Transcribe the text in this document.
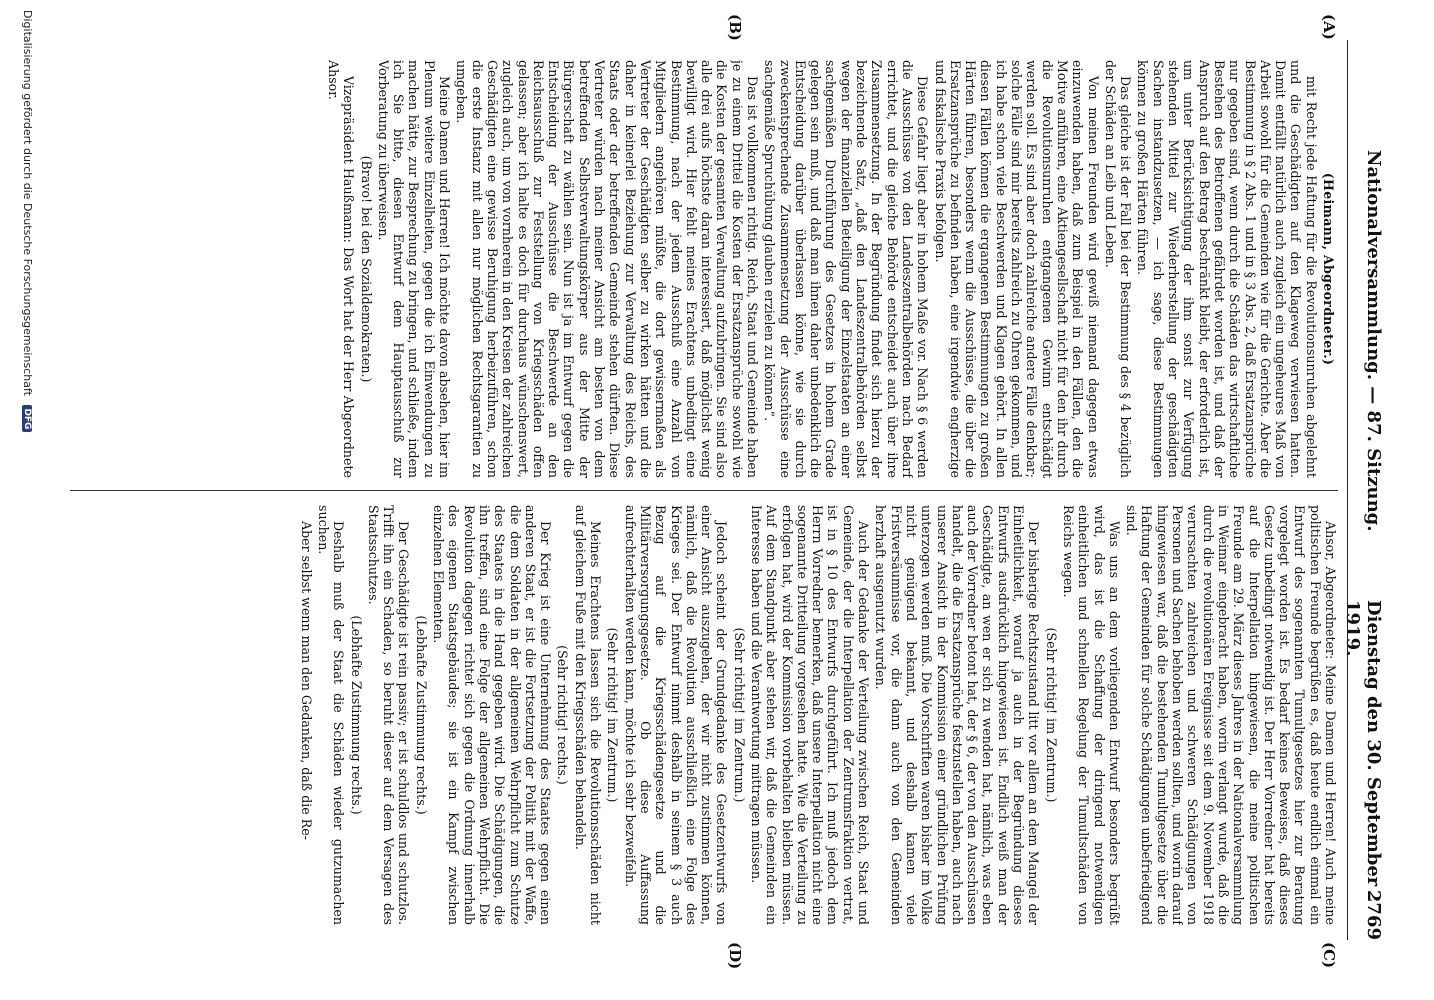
Nationalversammlung. — 87. Sitzung.
Dienstag den 30. September 1919.
2769
(A)
(B)
(C)
(D)

(Heimann, Abgeordneter.)

mit Recht jede Haftung für die Revolutionsunruhen abgelehnt und die Geschädigten auf den Klageweg verwiesen hatten. Damit entfällt natürlich auch zugleich ein ungeheures Maß von Arbeit sowohl für die Gemeinden wie für die Gerichte. Aber die Bestimmung in § 2 Abs. 1 und in § 3 Abs. 2, daß Ersatzansprüche nur gegeben sind, wenn durch die Schäden das wirtschaftliche Bestehen des Betroffenen gefährdet worden ist, und daß der Anspruch auf den Betrag beschränkt bleibt, der erforderlich ist, um unter Berücksichtigung der ihm sonst zur Verfügung stehenden Mittel zur Wiederherstellung der geschädigten Sachen instandzusetzen, — ich sage, diese Bestimmungen können zu großen Härten führen.

Das gleiche ist der Fall bei der Bestimmung des § 4 bezüglich der Schäden an Leib und Leben.

Von meinen Freunden wird gewiß niemand dagegen etwas einzuwenden haben, daß zum Beispiel in den Fällen, den die Motive anführen, eine Aktiengesellschaft nicht für den ihr durch die Revolutionsunruhen entgangenen Gewinn entschädigt werden soll. Es sind aber doch zahlreiche andere Fälle denkbar; solche Fälle sind mir bereits zahlreich zu Ohren gekommen, und ich habe schon viele Beschwerden und Klagen gehört. In allen diesen Fällen können die ergangenen Bestimmungen zu großen Härten führen, besonders wenn die Ausschüsse, die über die Ersatzansprüche zu befinden haben, eine irgendwie engherzige und fiskalische Praxis befolgen.

Diese Gefahr liegt aber in hohem Maße vor. Nach § 6 werden die Ausschüsse von den Landeszentralbehörden nach Bedarf errichtet, und die gleiche Behörde entscheidet auch über ihre Zusammensetzung. In der Begründung findet sich hierzu der bezeichnende Satz, „daß den Landeszentralbehörden selbst wegen der finanziellen Beteiligung der Einzelstaaten an einer sachgemäßen Durchführung des Gesetzes in hohem Grade gelegen sein muß, und daß man ihnen daher unbedenklich die Entscheidung darüber überlassen könne, wie sie durch zweckentsprechende Zusammensetzung der Ausschüsse eine sachgemäße Spruchübung glauben erzielen zu können“.

Das ist vollkommen richtig. Reich, Staat und Gemeinde haben je zu einem Drittel die Kosten der Ersatzansprüche sowohl wie die Kosten der gesamten Verwaltung aufzubringen. Sie sind also alle drei aufs höchste daran interessiert, daß möglichst wenig bewilligt wird. Hier fehlt meines Erachtens unbedingt eine Bestimmung, nach der jedem Ausschuß eine Anzahl von Mitgliedern angehören müßte, die dort gewissermaßen als Vertreter der Geschädigten selber zu wirken hätten und die daher in keinerlei Beziehung zur Verwaltung des Reichs, des Staats oder der betreffenden Gemeinde stehen dürften. Diese Vertreter würden nach meiner Ansicht am besten von dem betreffenden Selbstverwaltungskörper aus der Mitte der Bürgerschaft zu wählen sein. Nun ist ja im Entwurf gegen die Entscheidung der Ausschüsse die Beschwerde an den Reichsausschuß zur Feststellung von Kriegsschäden offen gelassen; aber ich halte es doch für durchaus wünschenswert, zugleich auch, um von vornherein in den Kreisen der zahlreichen Geschädigten eine gewisse Beruhigung herbeizuführen, schon die erste Instanz mit allen nur möglichen Rechtsgarantien zu umgeben.

Meine Damen und Herren! Ich möchte davon absehen, hier im Plenum weitere Einzelheiten, gegen die ich Einwendungen zu machen hätte, zur Besprechung zu bringen, und schließe, indem ich Sie bitte, diesen Entwurf dem Hauptausschuß zur Vorberatung zu überweisen.

(Bravo! bei den Sozialdemokraten.)

Vizepräsident Haußmann: Das Wort hat der Herr Abgeordnete Ahsor.

Ahsor, Abgeordneter: Meine Damen und Herren! Auch meine politischen Freunde begrüßen es, daß heute endlich einmal ein Entwurf des sogenannten Tumultgesetzes hier zur Beratung vorgelegt worden ist. Es bedarf keines Beweises, daß dieses Gesetz unbedingt notwendig ist. Der Herr Vorredner hat bereits auf die Interpellation hingewiesen, die meine politischen Freunde am 29. März dieses Jahres in der Nationalversammlung in Weimar eingebracht haben, worin verlangt wurde, daß die durch die revolutionären Ereignisse seit dem 9. November 1918 verursachten zahlreichen und schweren Schädigungen von Personen und Sachen behoben werden sollten, und worin darauf hingewiesen war, daß die bestehenden Tumultgesetze über die Haftung der Gemeinden für solche Schädigungen unbefriedigend sind.

Was uns an dem vorliegenden Entwurf besonders begrüßt wird, das ist die Schaffung der dringend notwendigen einheitlichen und schnellen Regelung der Tumultschäden von Reichs wegen.

(Sehr richtig! im Zentrum.)

Der bisherige Rechtszustand litt vor allem an dem Mangel der Einheitlichkeit, worauf ja auch in der Begründung dieses Entwurfs ausdrücklich hingewiesen ist. Endlich weiß man der Geschädigte, an wen er sich zu wenden hat, nämlich, was eben auch der Vorredner betont hat, der § 6, der von den Ausschüssen handelt, die die Ersatzansprüche festzustellen haben, auch nach unserer Ansicht in der Kommission einer gründlichen Prüfung unterzogen werden muß. Die Vorschriften waren bisher im Volke nicht genügend bekannt, und deshalb kamen viele Fristversäumnisse vor, die dann auch von den Gemeinden herzhaft ausgenutzt wurden.

Auch der Gedanke der Verteilung zwischen Reich, Staat und Gemeinde, der die Interpellation der Zentrumsfraktion vertrat, ist in § 10 des Entwurfs durchgeführt. Ich muß jedoch dem Herrn Vorredner bemerken, daß unsere Interpellation nicht eine sogenannte Dritteilung vorgesehen hatte. Wie die Verteilung zu erfolgen hat, wird der Kommission vorbehalten bleiben müssen. Auf dem Standpunkt aber stehen wir, daß die Gemeinden ein Interesse haben und die Verantwortung mittragen müssen.

(Sehr richtig! im Zentrum.)

Jedoch scheint der Grundgedanke des Gesetzentwurfs von einer Ansicht auszugehen, der wir nicht zustimmen können, nämlich, daß die Revolution ausschließlich eine Folge des Krieges sei. Der Entwurf nimmt deshalb in seinem § 3 auch Bezug auf die Kriegsschädengesetze und die Militärversorgungsgesetze. Ob diese Auffassung aufrechterhalten werden kann, möchte ich sehr bezweifeln.

(Sehr richtig! im Zentrum.)

Meines Erachtens lassen sich die Revolutionsschäden nicht auf gleichem Fuße mit den Kriegsschäden behandeln.

(Sehr richtig! rechts.)

Der Krieg ist eine Unternehmung des Staates gegen einen anderen Staat, er ist die Fortsetzung der Politik mit der Waffe, die dem Soldaten in der allgemeinen Wehrpflicht zum Schutze des Staates in die Hand gegeben wird. Die Schädigungen, die ihn treffen, sind eine Folge der allgemeinen Wehrpflicht. Die Revolution dagegen richtet sich gegen die Ordnung innerhalb des eigenen Staatsgebäudes; sie ist ein Kampf zwischen einzelnen Elementen.

(Lebhafte Zustimmung rechts.)

Der Geschädigte ist rein passiv; er ist schuldlos und schutzlos. Trifft ihn ein Schaden, so beruht dieser auf dem Versagen des Staatsschutzes.

(Lebhafte Zustimmung rechts.)

Deshalb muß der Staat die Schäden wieder gutzumachen suchen.

Aber selbst wenn man den Gedanken, daß die Re-

Digitalisierung gefördert durch die Deutsche Forschungsgemeinschaft DFG
